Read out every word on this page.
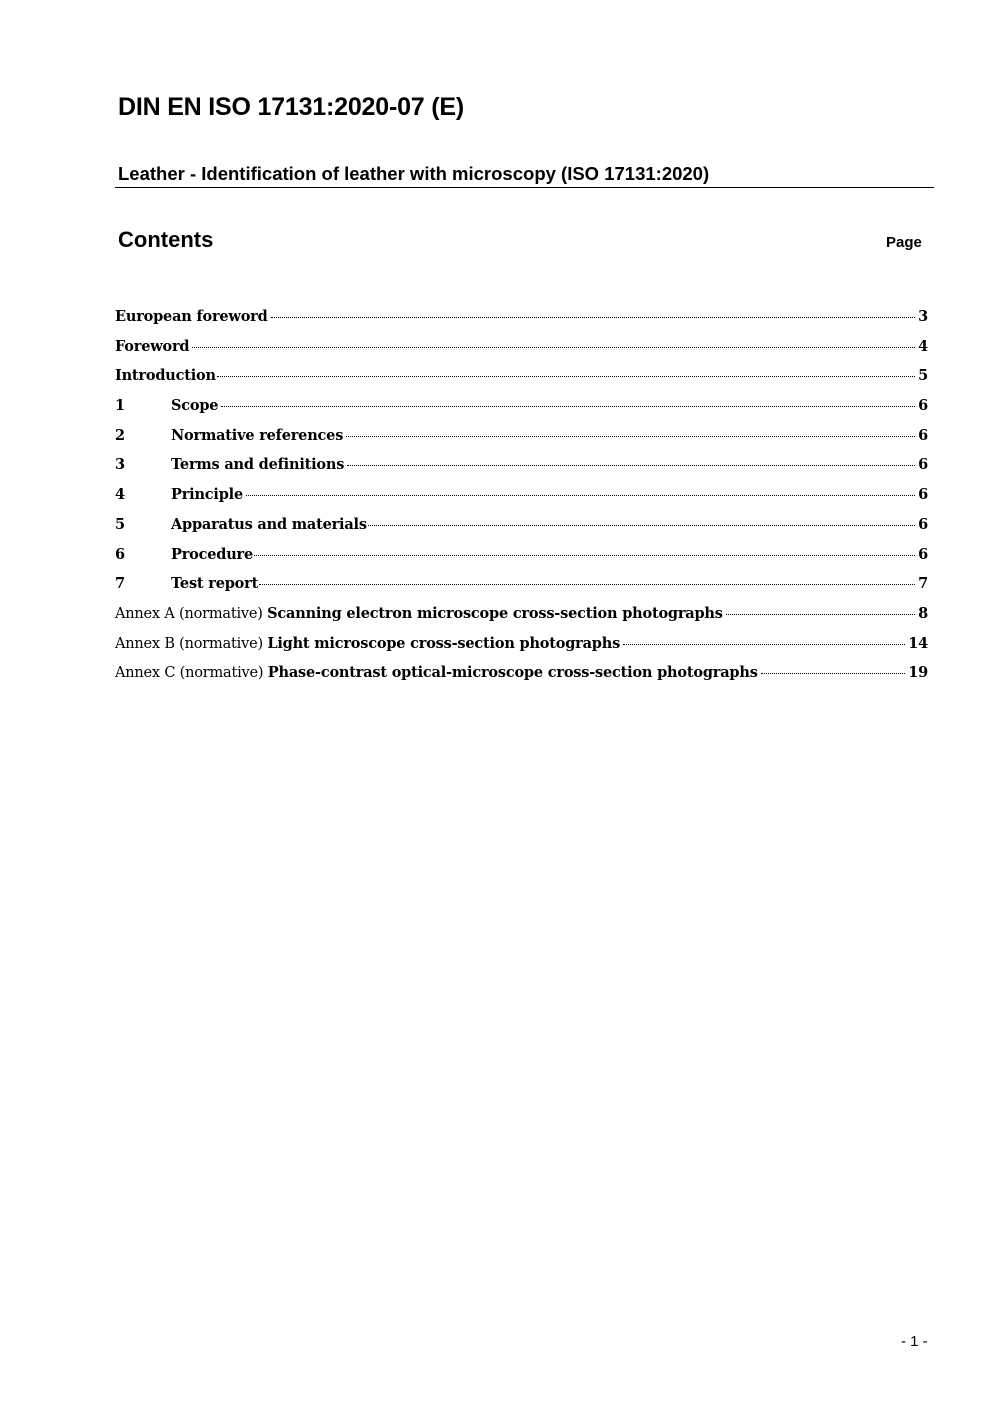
DIN EN ISO 17131:2020-07 (E)
Leather - Identification of leather with microscopy (ISO 17131:2020)
Contents	Page
European foreword	3
Foreword	4
Introduction	5
1	Scope	6
2	Normative references	6
3	Terms and definitions	6
4	Principle	6
5	Apparatus and materials	6
6	Procedure	6
7	Test report	7
Annex A (normative) Scanning electron microscope cross-section photographs	8
Annex B (normative) Light microscope cross-section photographs	14
Annex C (normative) Phase-contrast optical-microscope cross-section photographs	19
- 1 -
